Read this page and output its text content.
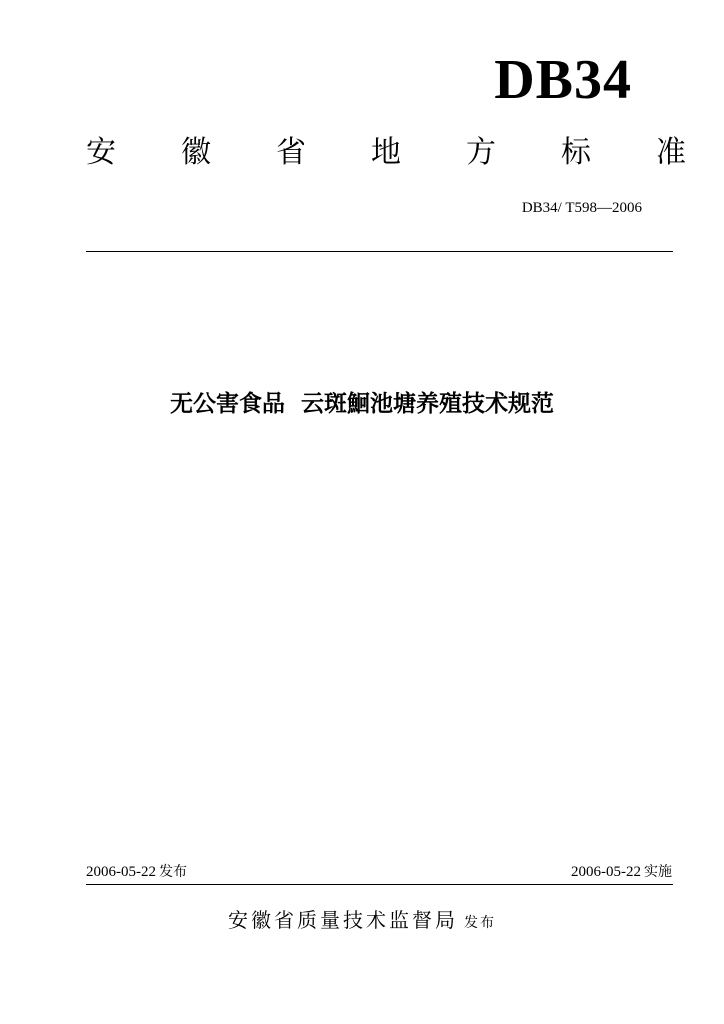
DB34
安 徽 省 地 方 标 准
DB34/ T598—2006
无公害食品  云斑鮰池塘养殖技术规范
2006-05-22 发布	2006-05-22 实施
安徽省质量技术监督局 发布
